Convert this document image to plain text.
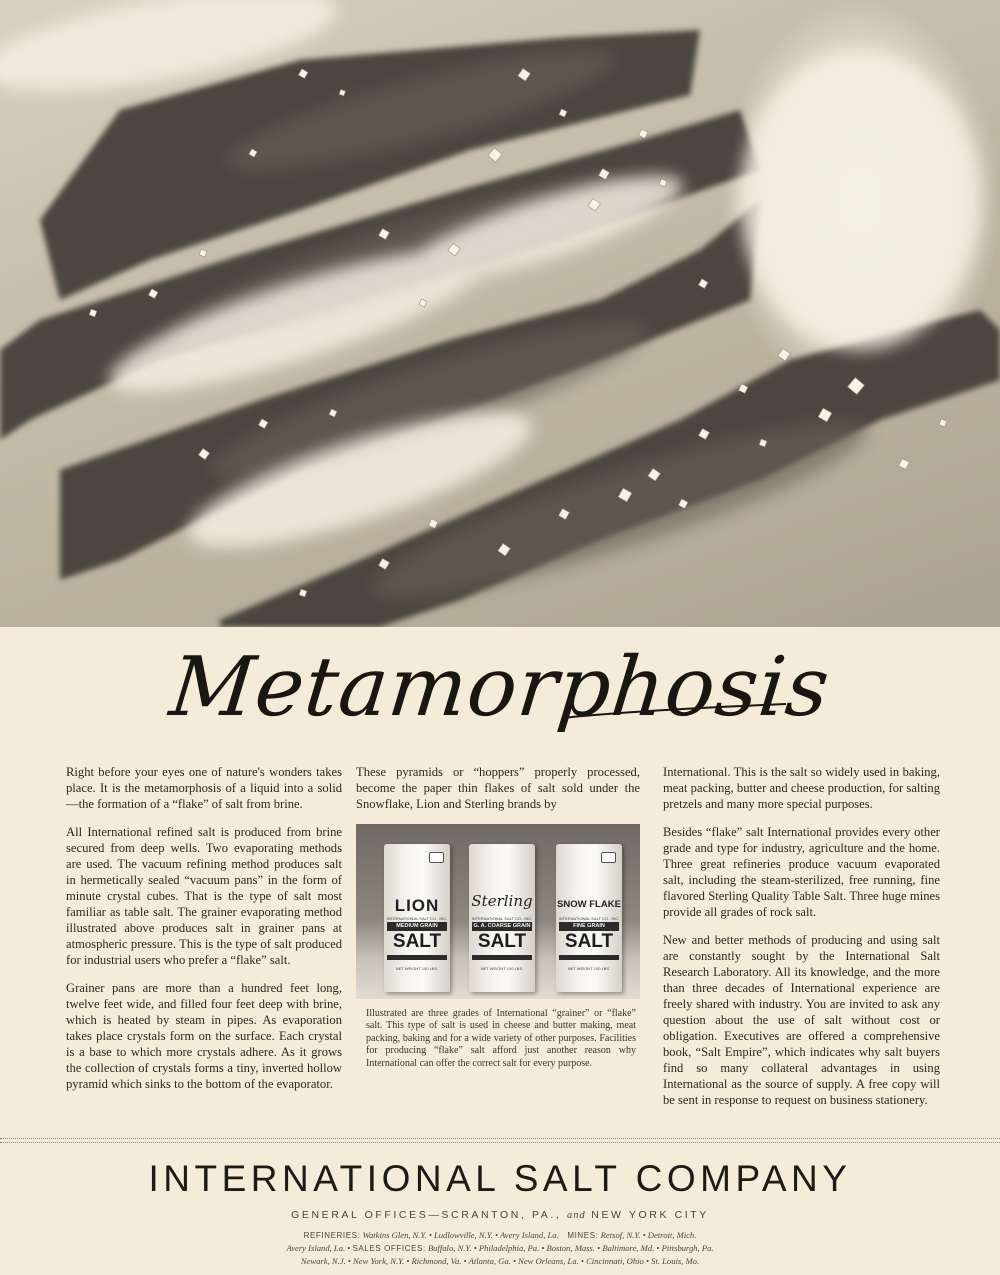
Metamorphosis

Right before your eyes one of nature's wonders takes place. It is the metamorphosis of a liquid into a solid—the formation of a “flake” of salt from brine.

All International refined salt is produced from brine secured from deep wells. Two evaporating methods are used. The vacuum refining method produces salt in hermetically sealed “vacuum pans” in the form of minute crystal cubes. That is the type of salt most familiar as table salt. The grainer evaporating method illustrated above produces salt in grainer pans at atmospheric pressure. This is the type of salt produced for industrial users who prefer a “flake” salt.

Grainer pans are more than a hundred feet long, twelve feet wide, and filled four feet deep with brine, which is heated by steam in pipes. As evaporation takes place crystals form on the surface. Each crystal is a base to which more crystals adhere. As it grows the collection of crystals forms a tiny, inverted hollow pyramid which sinks to the bottom of the evaporator.

These pyramids or “hoppers” properly processed, become the paper thin flakes of salt sold under the Snowflake, Lion and Sterling brands by

LION
INTERNATIONAL SALT CO., INC.
MEDIUM GRAIN
SALT
NET WEIGHT 100 LBS.
Sterling
INTERNATIONAL SALT CO., INC.
G. A. COARSE GRAIN
SALT
NET WEIGHT 100 LBS.
SNOW FLAKE
INTERNATIONAL SALT CO., INC.
FINE GRAIN
SALT
NET WEIGHT 100 LBS.

Illustrated are three grades of International “grainer” or “flake” salt. This type of salt is used in cheese and butter making, meat packing, baking and for a wide variety of other purposes. Facilities for producing “flake” salt afford just another reason why International can offer the correct salt for every purpose.

International. This is the salt so widely used in baking, meat packing, butter and cheese production, for salting pretzels and many more special purposes.

Besides “flake” salt International provides every other grade and type for industry, agriculture and the home. Three great refineries produce vacuum evaporated salt, including the steam-sterilized, free running, fine flavored Sterling Quality Table Salt. Three huge mines provide all grades of rock salt.

New and better methods of producing and using salt are constantly sought by the International Salt Research Laboratory. All its knowledge, and the more than three decades of International experience are freely shared with industry. You are invited to ask any question about the use of salt without cost or obligation. Executives are offered a comprehensive book, “Salt Empire”, which indicates why salt buyers find so many collateral advantages in using International as the source of supply. A free copy will be sent in response to request on business stationery.

INTERNATIONAL SALT COMPANY
GENERAL OFFICES—SCRANTON, PA., and NEW YORK CITY
REFINERIES: Watkins Glen, N.Y. • Ludlowville, N.Y. • Avery Island, La. MINES: Retsof, N.Y. • Detroit, Mich.
Avery Island, La. • SALES OFFICES: Buffalo, N.Y. • Philadelphia, Pa. • Boston, Mass. • Baltimore, Md. • Pittsburgh, Pa.
Newark, N.J. • New York, N.Y. • Richmond, Va. • Atlanta, Ga. • New Orleans, La. • Cincinnati, Ohio • St. Louis, Mo.
